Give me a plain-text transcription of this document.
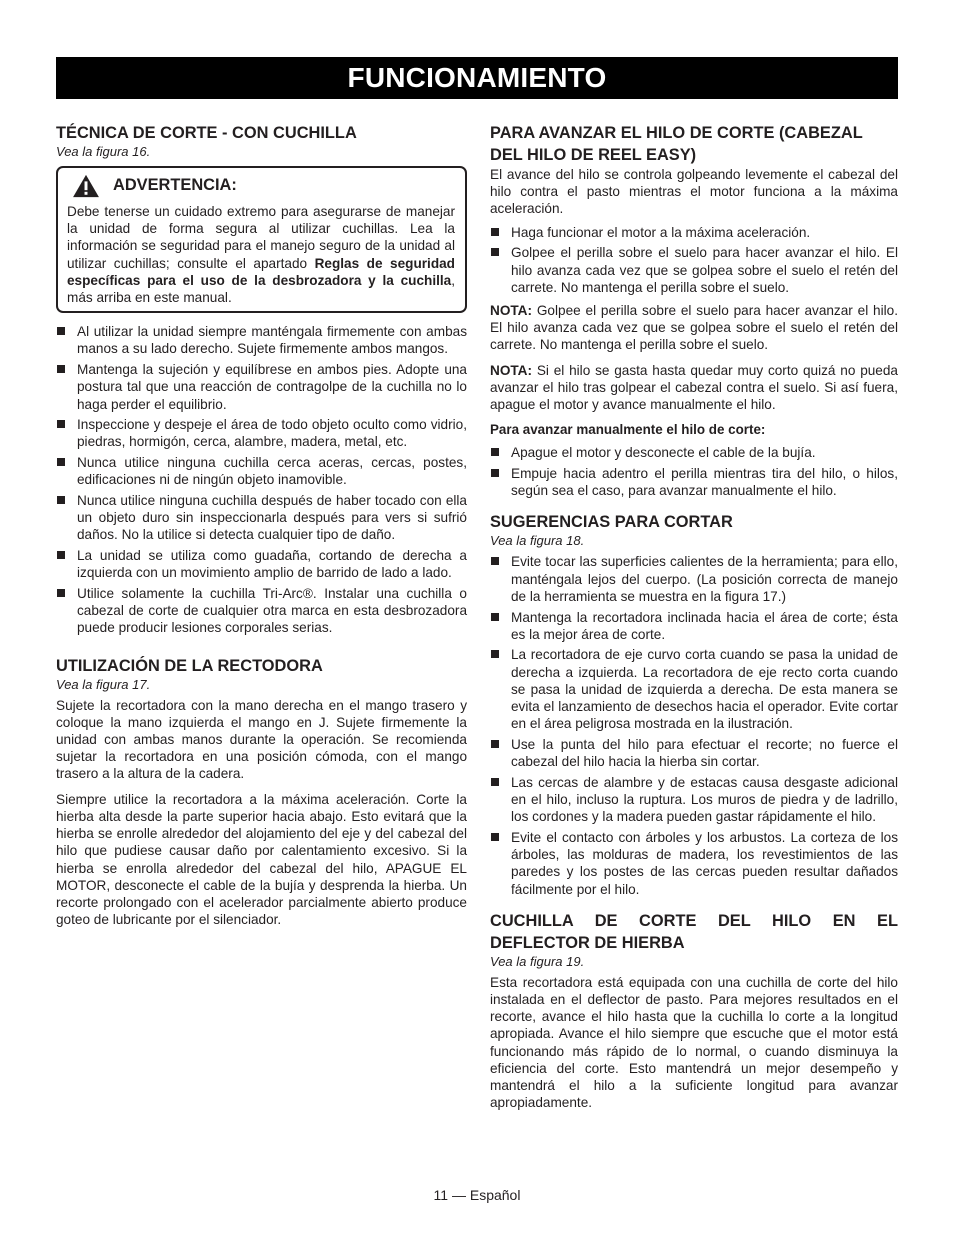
FUNCIONAMIENTO
TÉCNICA DE CORTE - CON CUCHILLA
Vea la figura 16.
ADVERTENCIA:

Debe tenerse un cuidado extremo para asegurarse de manejar la unidad de forma segura al utilizar cuchillas. Lea la información se seguridad para el manejo seguro de la unidad al utilizar cuchillas; consulte el apartado Reglas de seguridad específicas para el uso de la desbrozadora y la cuchilla, más arriba en este manual.

Al utilizar la unidad siempre manténgala firmemente con ambas manos a su lado derecho. Sujete firmemente ambos mangos.
Mantenga la sujeción y equilíbrese en ambos pies. Adopte una postura tal que una reacción de contragolpe de la cuchilla no lo haga perder el equilibrio.
Inspeccione y despeje el área de todo objeto oculto como vidrio, piedras, hormigón, cerca, alambre, madera, metal, etc.
Nunca utilice ninguna cuchilla cerca aceras, cercas, postes, edificaciones ni de ningún objeto inamovible.
Nunca utilice ninguna cuchilla después de haber tocado con ella un objeto duro sin inspeccionarla después para vers si sufrió daños. No la utilice si detecta cualquier tipo de daño.
La unidad se utiliza como guadaña, cortando de derecha a izquierda con un movimiento amplio de barrido de lado a lado.
Utilice solamente la cuchilla Tri-Arc®. Instalar una cuchilla o cabezal de corte de cualquier otra marca en esta desbrozadora puede producir lesiones corporales serias.
UTILIZACIÓN DE LA RECTODORA
Vea la figura 17.

Sujete la recortadora con la mano derecha en el mango trasero y coloque la mano izquierda el mango en J. Sujete firmemente la unidad con ambas manos durante la operación. Se recomienda sujetar la recortadora en una posición cómoda, con el mango trasero a la altura de la cadera.

Siempre utilice la recortadora a la máxima aceleración. Corte la hierba alta desde la parte superior hacia abajo. Esto evitará que la hierba se enrolle alrededor del alojamiento del eje y del cabezal del hilo que pudiese causar daño por calentamiento excesivo. Si la hierba se enrolla alrededor del cabezal del hilo, APAGUE EL MOTOR, desconecte el cable de la bujía y desprenda la hierba. Un recorte prolongado con el acelerador parcialmente abierto produce goteo de lubricante por el silenciador.

PARA AVANZAR EL HILO DE CORTE (CABEZAL DEL HILO DE REEL EASY)

El avance del hilo se controla golpeando levemente el cabezal del hilo contra el pasto mientras el motor funciona a la máxima aceleración.

Haga funcionar el motor a la máxima aceleración.
Golpee el perilla sobre el suelo para hacer avanzar el hilo. El hilo avanza cada vez que se golpea sobre el suelo el retén del carrete. No mantenga el perilla sobre el suelo.

NOTA: Golpee el perilla sobre el suelo para hacer avanzar el hilo. El hilo avanza cada vez que se golpea sobre el suelo el retén del carrete. No mantenga el perilla sobre el suelo.

NOTA: Si el hilo se gasta hasta quedar muy corto quizá no pueda avanzar el hilo tras golpear el cabezal contra el suelo. Si así fuera, apague el motor y avance manualmente el hilo.

Para avanzar manualmente el hilo de corte:
Apague el motor y desconecte el cable de la bujía.
Empuje hacia adentro el perilla mientras tira del hilo, o hilos, según sea el caso, para avanzar manualmente el hilo.
SUGERENCIAS PARA CORTAR
Vea la figura 18.
Evite tocar las superficies calientes de la herramienta; para ello, manténgala lejos del cuerpo. (La posición correcta de manejo de la herramienta se muestra en la figura 17.)
Mantenga la recortadora inclinada hacia el área de corte; ésta es la mejor área de corte.
La recortadora de eje curvo corta cuando se pasa la unidad de derecha a izquierda. La recortadora de eje recto corta cuando se pasa la unidad de izquierda a derecha. De esta manera se evita el lanzamiento de desechos hacia el operador. Evite cortar en el área peligrosa mostrada en la ilustración.
Use la punta del hilo para efectuar el recorte; no fuerce el cabezal del hilo hacia la hierba sin cortar.
Las cercas de alambre y de estacas causa desgaste adicional en el hilo, incluso la ruptura. Los muros de piedra y de ladrillo, los cordones y la madera pueden gastar rápidamente el hilo.
Evite el contacto con árboles y los arbustos. La corteza de los árboles, las molduras de madera, los revestimientos de las paredes y los postes de las cercas pueden resultar dañados fácilmente por el hilo.
CUCHILLA DE CORTE DEL HILO EN EL DEFLECTOR DE HIERBA
Vea la figura 19.

Esta recortadora está equipada con una cuchilla de corte del hilo instalada en el deflector de pasto. Para mejores resultados en el recorte, avance el hilo hasta que la cuchilla lo corte a la longitud apropiada. Avance el hilo siempre que escuche que el motor está funcionando más rápido de lo normal, o cuando disminuya la eficiencia del corte. Esto mantendrá un mejor desempeño y mantendrá el hilo a la suficiente longitud para avanzar apropiadamente.

11 — Español
